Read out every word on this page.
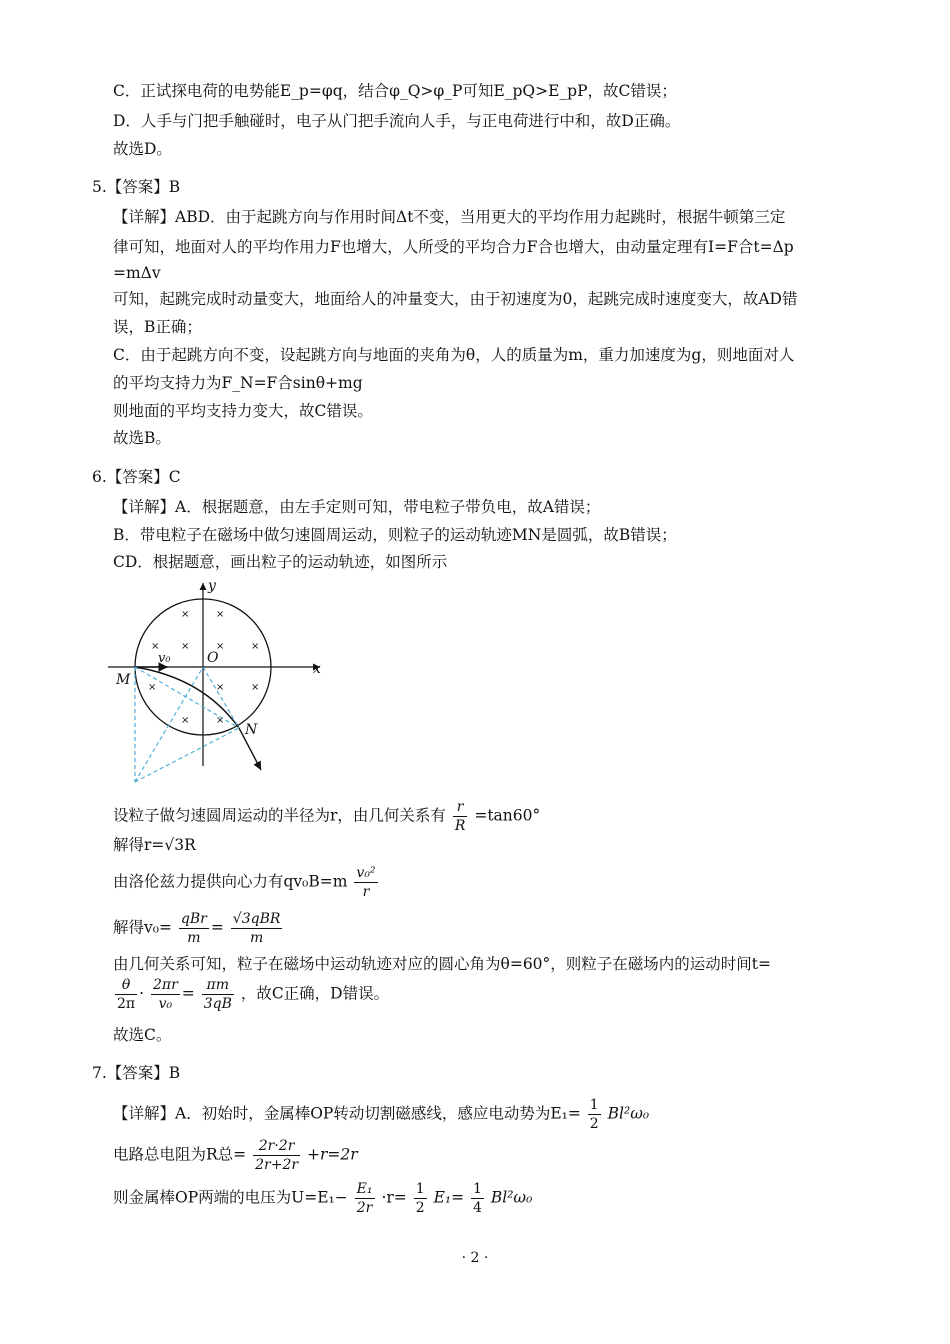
C．正试探电荷的电势能E_p=φq，结合φ_Q>φ_P可知E_pQ>E_pP，故C错误；
D．人手与门把手触碰时，电子从门把手流向人手，与正电荷进行中和，故D正确。
故选D。
5.【答案】B
【详解】ABD．由于起跳方向与作用时间Δt不变，当用更大的平均作用力起跳时，根据牛顿第三定
律可知，地面对人的平均作用力F也增大，人所受的平均合力F合也增大，由动量定理有I=F合t=Δp
=mΔv
可知，起跳完成时动量变大，地面给人的冲量变大，由于初速度为0，起跳完成时速度变大，故AD错
误，B正确；
C．由于起跳方向不变，设起跳方向与地面的夹角为θ，人的质量为m，重力加速度为g，则地面对人
的平均支持力为F_N=F合sinθ+mg
则地面的平均支持力变大，故C错误。
故选B。
6.【答案】C
【详解】A．根据题意，由左手定则可知，带电粒子带负电，故A错误；
B．带电粒子在磁场中做匀速圆周运动，则粒子的运动轨迹MN是圆弧，故B错误；
CD．根据题意，画出粒子的运动轨迹，如图所示
×	×
× ×	×	×
×	×	×
×	×
y
x
O
M
N
v₀
设粒子做匀速圆周运动的半径为r，由几何关系有 $\frac{r}{R} =\tan 60^\circ$
解得r=√3R
由洛伦兹力提供向心力有$qv_0B=m \frac{\text{v₀²}}{r}$
解得$v_0= \frac{\text{qBr}}{m} = \frac{\text{√3qBR}}{m}$
由几何关系可知，粒子在磁场中运动轨迹对应的圆心角为θ=60°，则粒子在磁场内的运动时间t=
$\frac{\theta}{2\pi} \cdot \frac{2\pi r}{\text{v₀}} = \frac{\pi m}{3qB}$ ，故C正确，D错误。
故选C。
7.【答案】B
【详解】A．初始时，金属棒OP转动切割磁感线，感应电动势为$E_1= \frac{1}{2} Bl^2\omega_0$
电路总电阻为R总= $\frac{2r\cdot 2r}{2r+2r} +r=2r$
则金属棒OP两端的电压为$U=E_1- \frac{\text{E₁}}{2r} \cdot r= \frac{1}{2} E_1= \frac{1}{4} Bl^2\omega_0$
· 2 ·
